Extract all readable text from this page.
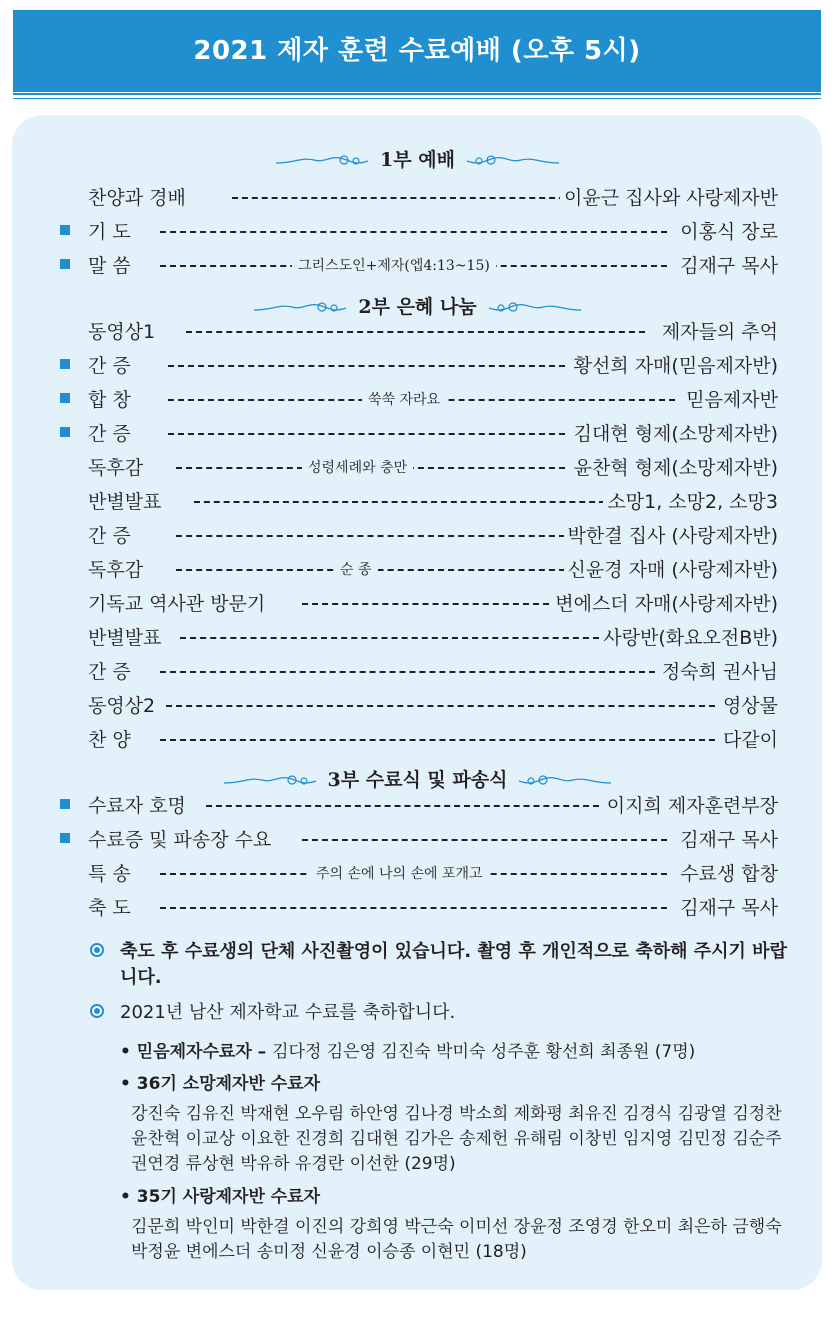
2021 제자 훈련 수료예배 (오후 5시)
1부 예배
찬양과 경배	이윤근 집사와 사랑제자반
기 도	이홍식 장로
말 씀	그리스도인+제자(엡4:13~15)	김재구 목사
2부 은혜 나눔
동영상1	제자들의 추억
간 증	황선희 자매(믿음제자반)
합 창	쑥쑥 자라요	믿음제자반
간 증	김대현 형제(소망제자반)
독후감	성령세례와 충만	윤찬혁 형제(소망제자반)
반별발표	소망1, 소망2, 소망3
간 증	박한결 집사 (사랑제자반)
독후감	순 종	신윤경 자매 (사랑제자반)
기독교 역사관 방문기	변에스더 자매(사랑제자반)
반별발표	사랑반(화요오전B반)
간 증	정숙희 권사님
동영상2	영상물
찬 양	다같이
3부 수료식 및 파송식
수료자 호명	이지희 제자훈련부장
수료증 및 파송장 수요	김재구 목사
특 송	주의 손에 나의 손에 포개고	수료생 합창
축 도	김재구 목사
축도 후 수료생의 단체 사진촬영이 있습니다. 촬영 후 개인적으로 축하해 주시기 바랍니다.
2021년 남산 제자학교 수료를 축하합니다.
• 믿음제자수료자 – 김다정 김은영 김진숙 박미숙 성주훈 황선희 최종원 (7명)
• 36기 소망제자반 수료자
강진숙 김유진 박재현 오우림 하안영 김나경 박소희 제화평 최유진 김경식 김광열 김정찬 윤찬혁 이교상 이요한 진경희 김대현 김가은 송제헌 유해림 이창빈 임지영 김민정 김순주 권연경 류상현 박유하 유경란 이선한 (29명)
• 35기 사랑제자반 수료자
김문희 박인미 박한결 이진의 강희영 박근숙 이미선 장윤정 조영경 한오미 최은하 금행숙 박정윤 변에스더 송미정 신윤경 이승종 이현민 (18명)
